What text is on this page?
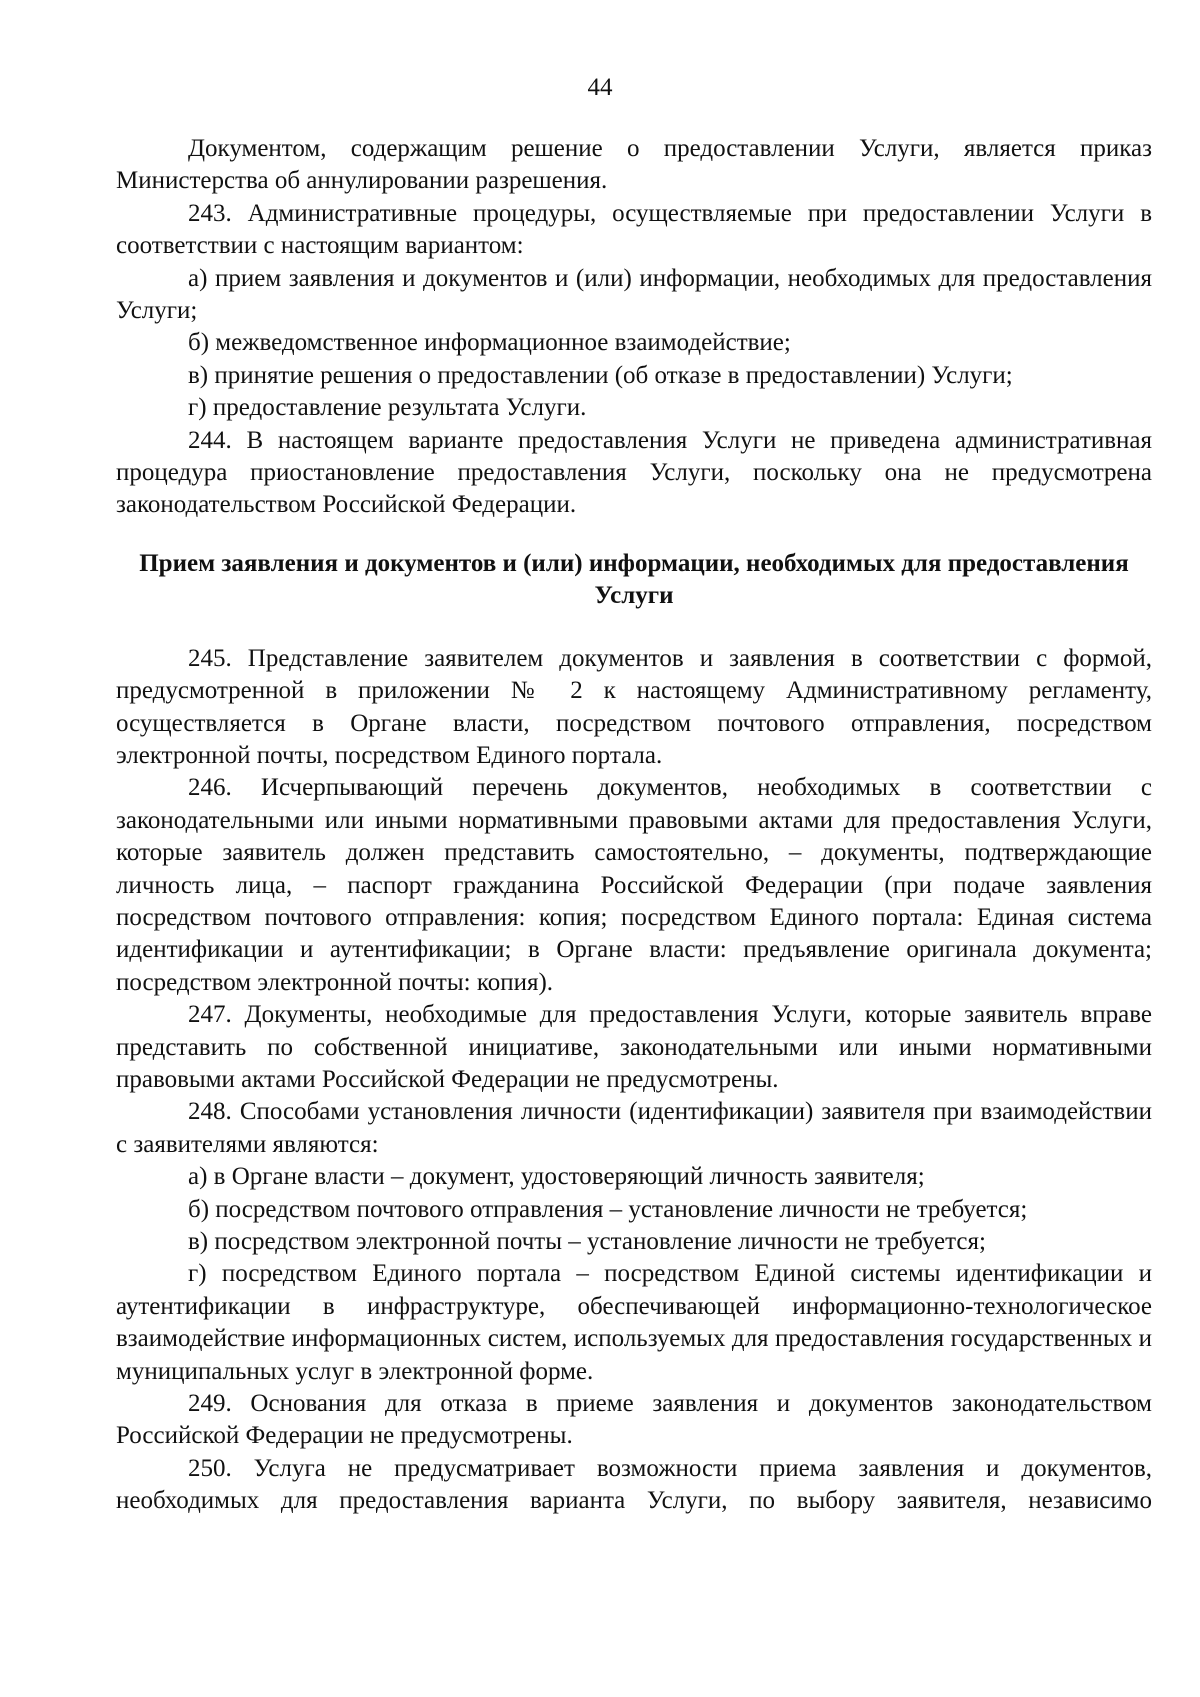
44

Документом, содержащим решение о предоставлении Услуги, является приказ Министерства об аннулировании разрешения.

243. Административные процедуры, осуществляемые при предоставлении Услуги в соответствии с настоящим вариантом:

а) прием заявления и документов и (или) информации, необходимых для предоставления Услуги;

б) межведомственное информационное взаимодействие;

в) принятие решения о предоставлении (об отказе в предоставлении) Услуги;

г) предоставление результата Услуги.

244. В настоящем варианте предоставления Услуги не приведена административная процедура приостановление предоставления Услуги, поскольку она не предусмотрена законодательством Российской Федерации.

Прием заявления и документов и (или) информации, необходимых для предоставления Услуги

245. Представление заявителем документов и заявления в соответствии с формой, предусмотренной в приложении № 2 к настоящему Административному регламенту, осуществляется в Органе власти, посредством почтового отправления, посредством электронной почты, посредством Единого портала.

246. Исчерпывающий перечень документов, необходимых в соответствии с законодательными или иными нормативными правовыми актами для предоставления Услуги, которые заявитель должен представить самостоятельно, – документы, подтверждающие личность лица, – паспорт гражданина Российской Федерации (при подаче заявления посредством почтового отправления: копия; посредством Единого портала: Единая система идентификации и аутентификации; в Органе власти: предъявление оригинала документа; посредством электронной почты: копия).

247. Документы, необходимые для предоставления Услуги, которые заявитель вправе представить по собственной инициативе, законодательными или иными нормативными правовыми актами Российской Федерации не предусмотрены.

248. Способами установления личности (идентификации) заявителя при взаимодействии с заявителями являются:

а) в Органе власти – документ, удостоверяющий личность заявителя;

б) посредством почтового отправления – установление личности не требуется;

в) посредством электронной почты – установление личности не требуется;

г) посредством Единого портала – посредством Единой системы идентификации и аутентификации в инфраструктуре, обеспечивающей информационно-технологическое взаимодействие информационных систем, используемых для предоставления государственных и муниципальных услуг в электронной форме.

249. Основания для отказа в приеме заявления и документов законодательством Российской Федерации не предусмотрены.

250. Услуга не предусматривает возможности приема заявления и документов, необходимых для предоставления варианта Услуги, по выбору заявителя, независимо
